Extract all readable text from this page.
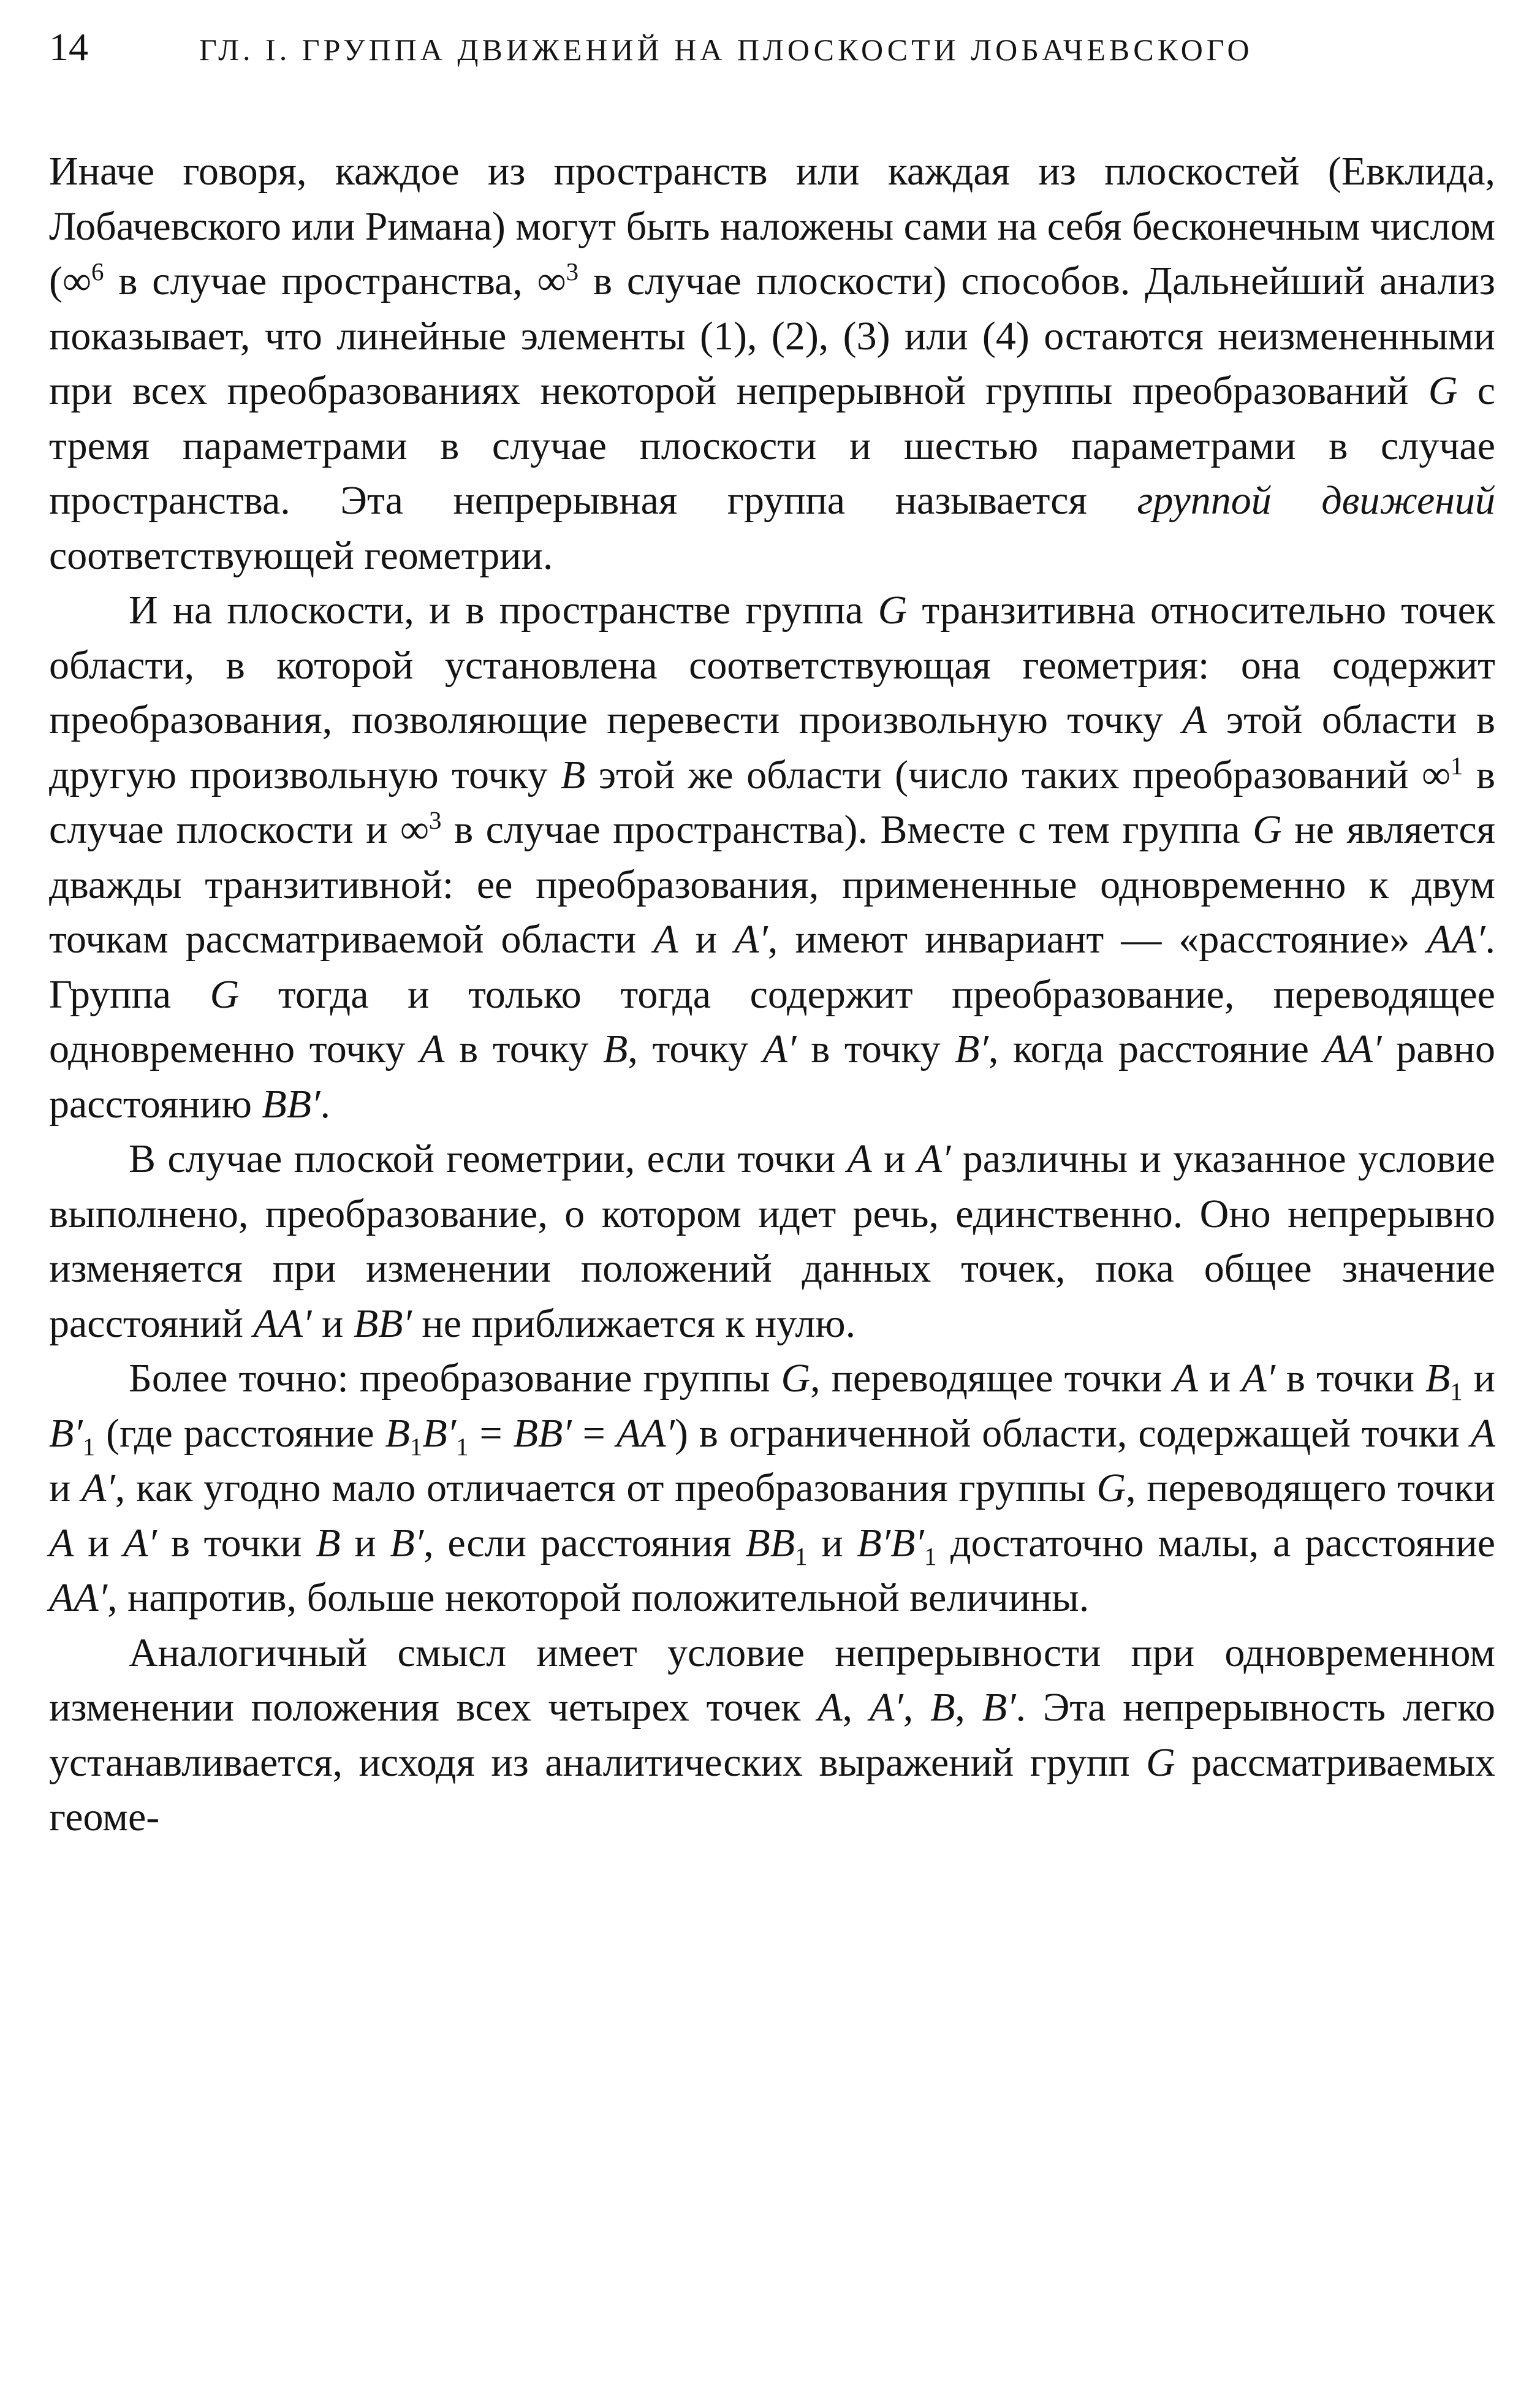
14	ГЛ. I. ГРУППА ДВИЖЕНИЙ НА ПЛОСКОСТИ ЛОБАЧЕВСКОГО

Иначе говоря, каждое из пространств или каждая из плоскостей (Евклида, Лобачевского или Римана) могут быть наложены сами на себя бесконечным числом (∞$^6$ в случае пространства, ∞$^3$ в случае плоскости) способов. Дальнейший анализ показывает, что линейные элементы (1), (2), (3) или (4) остаются неизмененными при всех преобразованиях некоторой непрерывной группы преобразований G с тремя параметрами в случае плоскости и шестью параметрами в случае пространства. Эта непрерывная группа называется группой движений соответствующей геометрии.

И на плоскости, и в пространстве группа G транзитивна относительно точек области, в которой установлена соответствующая геометрия: она содержит преобразования, позволяющие перевести произвольную точку A этой области в другую произвольную точку B этой же области (число таких преобразований ∞$^1$ в случае плоскости и ∞$^3$ в случае пространства). Вместе с тем группа G не является дважды транзитивной: ее преобразования, примененные одновременно к двум точкам рассматриваемой области A и A′, имеют инвариант — «расстояние» AA′. Группа G тогда и только тогда содержит преобразование, переводящее одновременно точку A в точку B, точку A′ в точку B′, когда расстояние AA′ равно расстоянию BB′.

В случае плоской геометрии, если точки A и A′ различны и указанное условие выполнено, преобразование, о котором идет речь, единственно. Оно непрерывно изменяется при изменении положений данных точек, пока общее значение расстояний AA′ и BB′ не приближается к нулю.

Более точно: преобразование группы G, переводящее точки A и A′ в точки $B_1$ и $B'_1$ (где расстояние $B_1B'_1 = BB' = AA'$) в ограниченной области, содержащей точки A и A′, как угодно мало отличается от преобразования группы G, переводящего точки A и A′ в точки B и B′, если расстояния $BB_1$ и $B'B'_1$ достаточно малы, а расстояние AA′, напротив, больше некоторой положительной величины.

Аналогичный смысл имеет условие непрерывности при одновременном изменении положения всех четырех точек A, A′, B, B′. Эта непрерывность легко устанавливается, исходя из аналитических выражений групп G рассматриваемых геоме-
